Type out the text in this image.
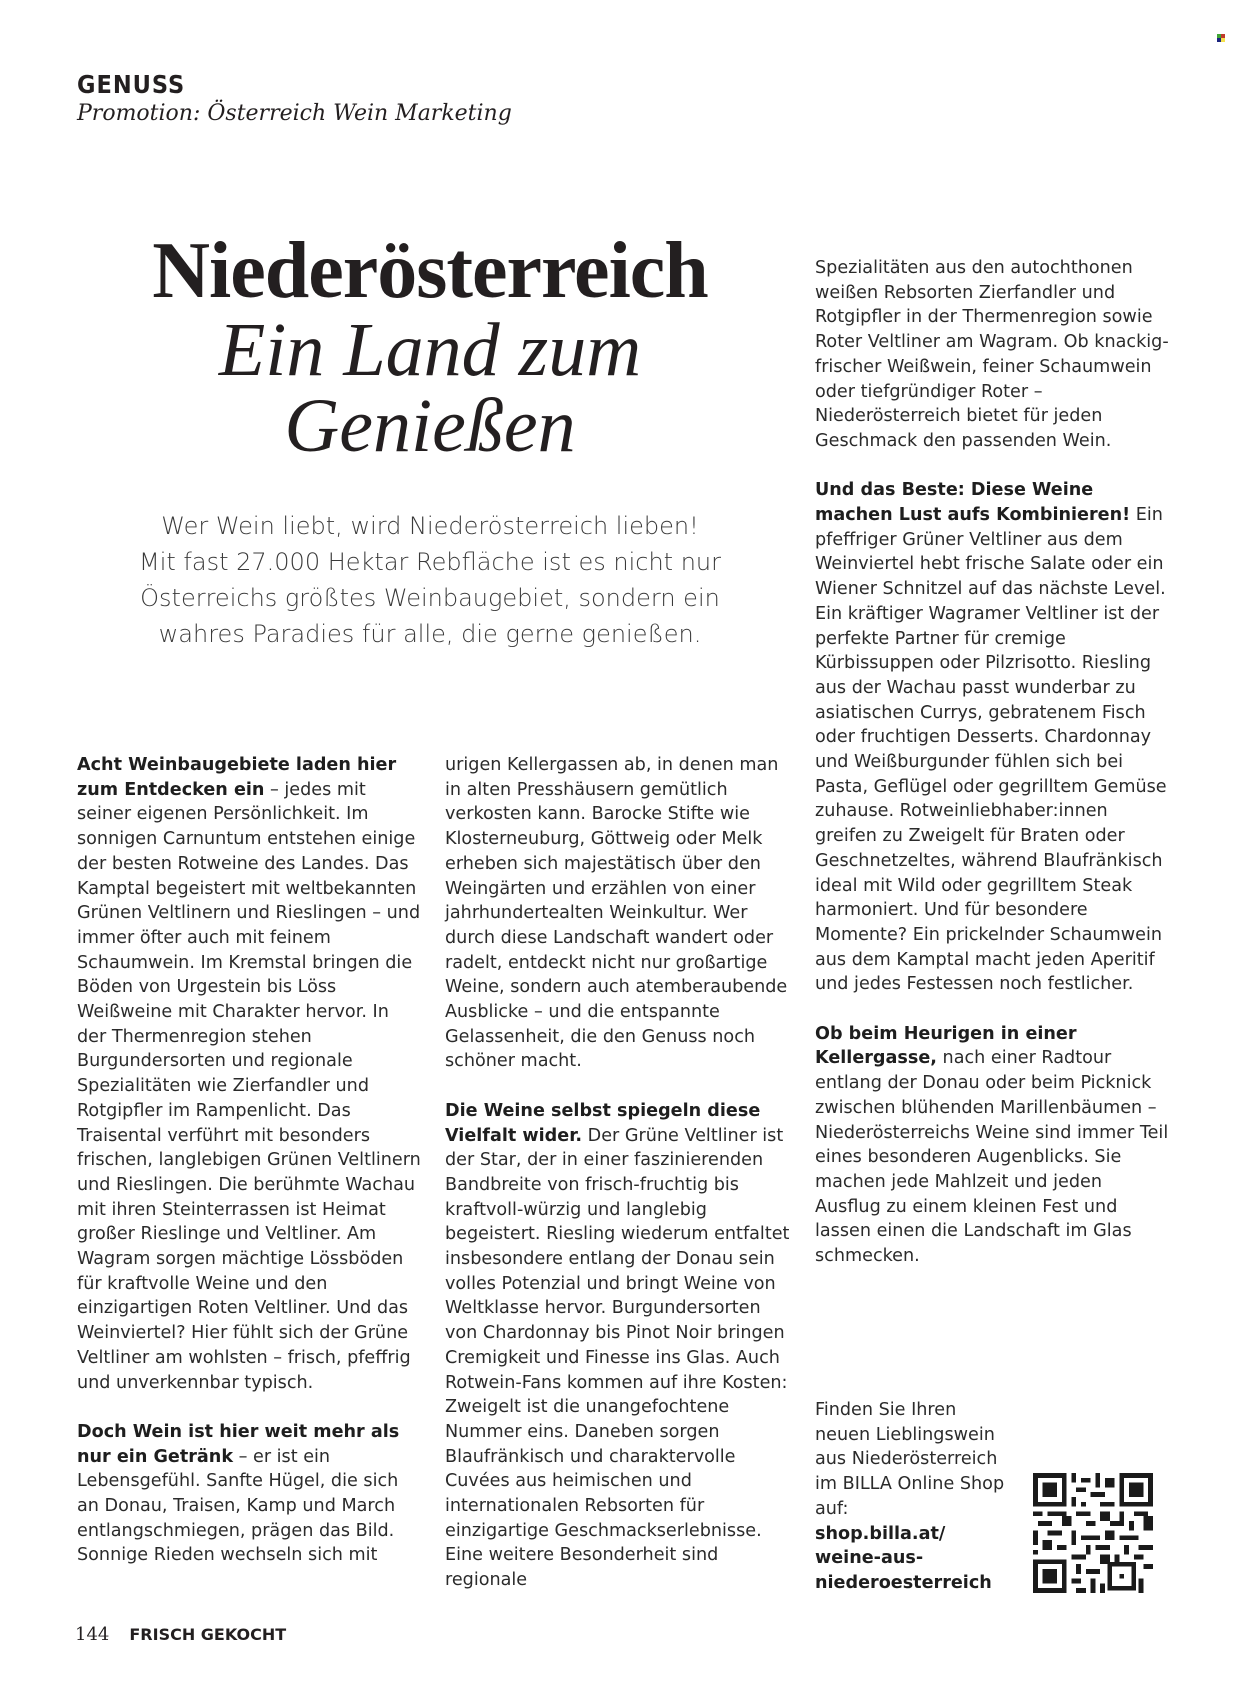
GENUSS
Promotion: Österreich Wein Marketing
Niederösterreich
Ein Land zum
Genießen
Wer Wein liebt, wird Niederösterreich lieben!
Mit fast 27.000 Hektar Rebfläche ist es nicht nur
Österreichs größtes Weinbaugebiet, sondern ein
wahres Paradies für alle, die gerne genießen.

Acht Weinbaugebiete laden hier zum Entdecken ein – jedes mit seiner eigenen Persönlichkeit. Im sonnigen Carnuntum entstehen einige der besten Rotweine des Landes. Das Kamptal begeistert mit weltbekannten Grünen Veltlinern und Rieslingen – und immer öfter auch mit feinem Schaumwein. Im Kremstal bringen die Böden von Urgestein bis Löss Weißweine mit Charakter hervor. In der Thermenregion stehen Burgundersorten und regionale Spezialitäten wie Zierfandler und Rotgipfler im Rampenlicht. Das Traisental verführt mit besonders frischen, langlebigen Grünen Veltlinern und Rieslingen. Die berühmte Wachau mit ihren Steinterrassen ist Heimat großer Rieslinge und Veltliner. Am Wagram sorgen mächtige Lössböden für kraftvolle Weine und den einzigartigen Roten Veltliner. Und das Weinviertel? Hier fühlt sich der Grüne Veltliner am wohlsten – frisch, pfeffrig und unverkennbar typisch.

Doch Wein ist hier weit mehr als nur ein Getränk – er ist ein Lebensgefühl. Sanfte Hügel, die sich an Donau, Traisen, Kamp und March entlangschmiegen, prägen das Bild. Sonnige Rieden wechseln sich mit

urigen Kellergassen ab, in denen man in alten Presshäusern gemütlich verkosten kann. Barocke Stifte wie Klosterneuburg, Göttweig oder Melk erheben sich majestätisch über den Weingärten und erzählen von einer jahrhundertealten Weinkultur. Wer durch diese Landschaft wandert oder radelt, entdeckt nicht nur großartige Weine, sondern auch atemberaubende Ausblicke – und die entspannte Gelassenheit, die den Genuss noch schöner macht.

Die Weine selbst spiegeln diese Vielfalt wider. Der Grüne Veltliner ist der Star, der in einer faszinierenden Bandbreite von frisch-fruchtig bis kraftvoll-würzig und langlebig begeistert. Riesling wiederum entfaltet insbesondere entlang der Donau sein volles Potenzial und bringt Weine von Weltklasse hervor. Burgundersorten von Chardonnay bis Pinot Noir bringen Cremigkeit und Finesse ins Glas. Auch Rotwein-Fans kommen auf ihre Kosten: Zweigelt ist die unangefochtene Nummer eins. Daneben sorgen Blaufränkisch und charaktervolle Cuvées aus heimischen und internationalen Rebsorten für einzigartige Geschmackserlebnisse. Eine weitere Besonderheit sind regionale

Spezialitäten aus den autochthonen weißen Rebsorten Zierfandler und Rotgipfler in der Thermenregion sowie Roter Veltliner am Wagram. Ob knackig-frischer Weißwein, feiner Schaumwein oder tiefgründiger Roter – Niederösterreich bietet für jeden Geschmack den passenden Wein.

Und das Beste: Diese Weine machen Lust aufs Kombinieren! Ein pfeffriger Grüner Veltliner aus dem Weinviertel hebt frische Salate oder ein Wiener Schnitzel auf das nächste Level. Ein kräftiger Wagramer Veltliner ist der perfekte Partner für cremige Kürbissuppen oder Pilzrisotto. Riesling aus der Wachau passt wunderbar zu asiatischen Currys, gebratenem Fisch oder fruchtigen Desserts. Chardonnay und Weißburgunder fühlen sich bei Pasta, Geflügel oder gegrilltem Gemüse zuhause. Rotweinliebhaber:innen greifen zu Zweigelt für Braten oder Geschnetzeltes, während Blaufränkisch ideal mit Wild oder gegrilltem Steak harmoniert. Und für besondere Momente? Ein prickelnder Schaumwein aus dem Kamptal macht jeden Aperitif und jedes Festessen noch festlicher.

Ob beim Heurigen in einer Kellergasse, nach einer Radtour entlang der Donau oder beim Picknick zwischen blühenden Marillenbäumen – Niederösterreichs Weine sind immer Teil eines besonderen Augenblicks. Sie machen jede Mahlzeit und jeden Ausflug zu einem kleinen Fest und lassen einen die Landschaft im Glas schmecken.

Finden Sie Ihren neuen Lieblingswein aus Niederösterreich im BILLA Online Shop auf:
shop.billa.at/ weine-aus- niederoesterreich
144 FRISCH GEKOCHT
